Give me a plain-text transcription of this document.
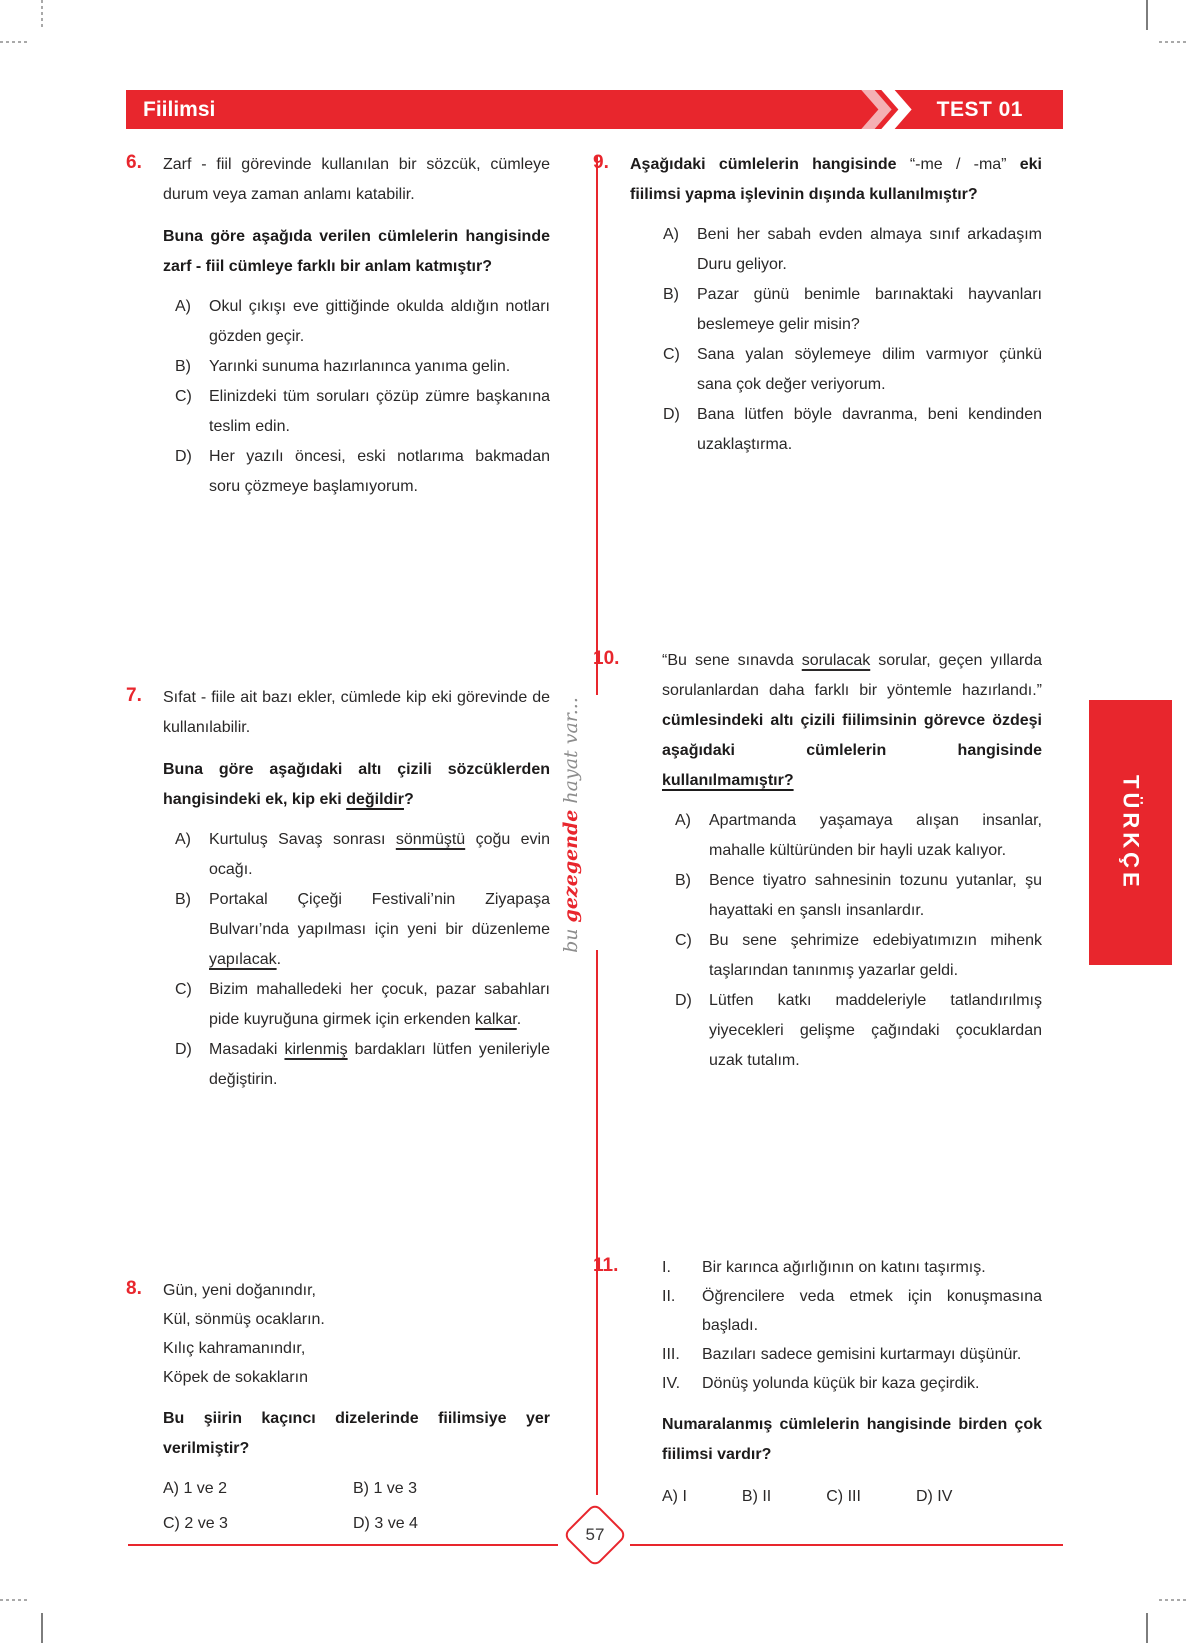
Fiilimsi	TEST 01
bu gezegende hayat var...
TÜRKÇE
6. Zarf - fiil görevinde kullanılan bir sözcük, cümleye durum veya zaman anlamı katabilir.

Buna göre aşağıda verilen cümlelerin hangisinde zarf - fiil cümleye farklı bir anlam katmıştır?

A)	Okul çıkışı eve gittiğinde okulda aldığın notları gözden geçir.
B)	Yarınki sunuma hazırlanınca yanıma gelin.
C)	Elinizdeki tüm soruları çözüp zümre başkanına teslim edin.
D)	Her yazılı öncesi, eski notlarıma bakmadan soru çözmeye başlamıyorum.
7. Sıfat - fiile ait bazı ekler, cümlede kip eki görevinde de kullanılabilir.

Buna göre aşağıdaki altı çizili sözcüklerden hangisindeki ek, kip eki değildir?

A)	Kurtuluş Savaş sonrası sönmüştü çoğu evin ocağı.
B)	Portakal Çiçeği Festivali’nin Ziyapaşa Bulvarı’nda yapılması için yeni bir düzenleme yapılacak.
C)	Bizim mahalledeki her çocuk, pazar sabahları pide kuyruğuna girmek için erkenden kalkar.
D)	Masadaki kirlenmiş bardakları lütfen yenileriyle değiştirin.
8. Gün, yeni doğanındır,

Kül, sönmüş ocakların.

Kılıç kahramanındır,

Köpek de sokakların

Bu şiirin kaçıncı dizelerinde fiilimsiye yer verilmiştir?

A) 1 ve 2	B) 1 ve 3
C) 2 ve 3	D) 3 ve 4
9. Aşağıdaki cümlelerin hangisinde “-me / -ma” eki fiilimsi yapma işlevinin dışında kullanılmıştır?

A)	Beni her sabah evden almaya sınıf arkadaşım Duru geliyor.
B)	Pazar günü benimle barınaktaki hayvanları beslemeye gelir misin?
C)	Sana yalan söylemeye dilim varmıyor çünkü sana çok değer veriyorum.
D)	Bana lütfen böyle davranma, beni kendinden uzaklaştırma.
10.	“Bu sene sınavda sorulacak sorular, geçen yıllarda sorulanlardan daha farklı bir yöntemle hazırlandı.” cümlesindeki altı çizili fiilimsinin görevce özdeşi aşağıdaki cümlelerin hangisinde kullanılmamıştır?

A)	Apartmanda yaşamaya alışan insanlar, mahalle kültüründen bir hayli uzak kalıyor.
B)	Bence tiyatro sahnesinin tozunu yutanlar, şu hayattaki en şanslı insanlardır.
C)	Bu sene şehrimize edebiyatımızın mihenk taşlarından tanınmış yazarlar geldi.
D)	Lütfen katkı maddeleriyle tatlandırılmış yiyecekleri gelişme çağındaki çocuklardan uzak tutalım.
11.	I.	Bir karınca ağırlığının on katını taşırmış.
II.	Öğrencilere veda etmek için konuşmasına başladı.
III.	Bazıları sadece gemisini kurtarmayı düşünür.
IV.	Dönüş yolunda küçük bir kaza geçirdik.

Numaralanmış cümlelerin hangisinde birden çok fiilimsi vardır?

A) I	B) II	C) III	D) IV
57
